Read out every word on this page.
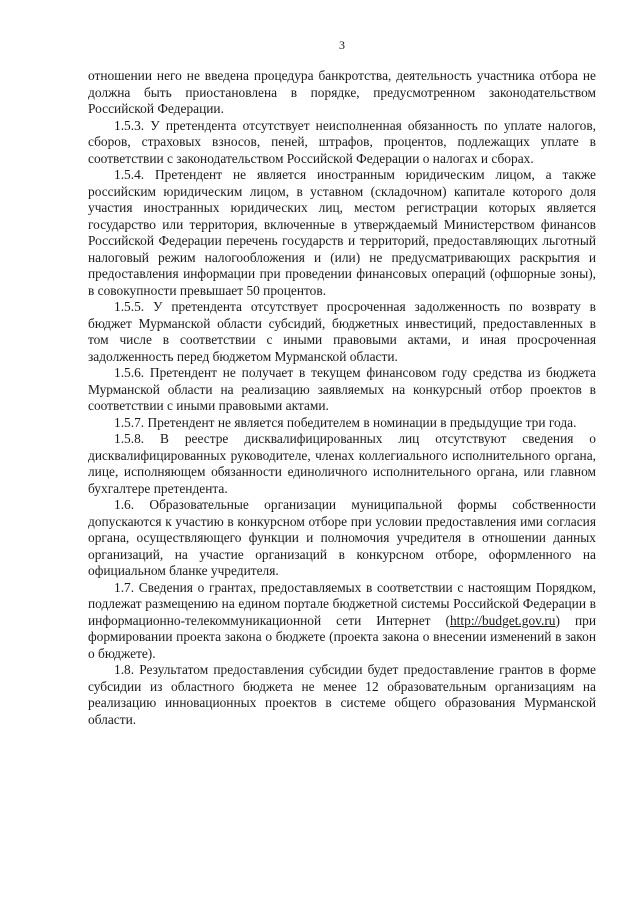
3

отношении него не введена процедура банкротства, деятельность участника отбора не должна быть приостановлена в порядке, предусмотренном законодательством Российской Федерации.

1.5.3. У претендента отсутствует неисполненная обязанность по уплате налогов, сборов, страховых взносов, пеней, штрафов, процентов, подлежащих уплате в соответствии с законодательством Российской Федерации о налогах и сборах.

1.5.4. Претендент не является иностранным юридическим лицом, а также российским юридическим лицом, в уставном (складочном) капитале которого доля участия иностранных юридических лиц, местом регистрации которых является государство или территория, включенные в утверждаемый Министерством финансов Российской Федерации перечень государств и территорий, предоставляющих льготный налоговый режим налогообложения и (или) не предусматривающих раскрытия и предоставления информации при проведении финансовых операций (офшорные зоны), в совокупности превышает 50 процентов.

1.5.5. У претендента отсутствует просроченная задолженность по возврату в бюджет Мурманской области субсидий, бюджетных инвестиций, предоставленных в том числе в соответствии с иными правовыми актами, и иная просроченная задолженность перед бюджетом Мурманской области.

1.5.6. Претендент не получает в текущем финансовом году средства из бюджета Мурманской области на реализацию заявляемых на конкурсный отбор проектов в соответствии с иными правовыми актами.

1.5.7. Претендент не является победителем в номинации в предыдущие три года.

1.5.8. В реестре дисквалифицированных лиц отсутствуют сведения о дисквалифицированных руководителе, членах коллегиального исполнительного органа, лице, исполняющем обязанности единоличного исполнительного органа, или главном бухгалтере претендента.

1.6. Образовательные организации муниципальной формы собственности допускаются к участию в конкурсном отборе при условии предоставления ими согласия органа, осуществляющего функции и полномочия учредителя в отношении данных организаций, на участие организаций в конкурсном отборе, оформленного на официальном бланке учредителя.

1.7. Сведения о грантах, предоставляемых в соответствии с настоящим Порядком, подлежат размещению на едином портале бюджетной системы Российской Федерации в информационно-телекоммуникационной сети Интернет (http://budget.gov.ru) при формировании проекта закона о бюджете (проекта закона о внесении изменений в закон о бюджете).

1.8. Результатом предоставления субсидии будет предоставление грантов в форме субсидии из областного бюджета не менее 12 образовательным организациям на реализацию инновационных проектов в системе общего образования Мурманской области.
